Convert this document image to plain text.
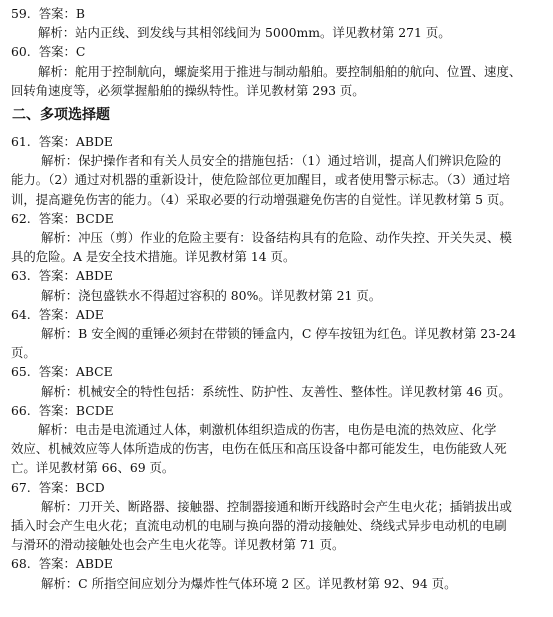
59. 答案：B
解析：站内正线、到发线与其相邻线间为 5000mm。详见教材第 271 页。
60. 答案：C
解析：舵用于控制航向，螺旋桨用于推进与制动船舶。要控制船舶的航向、位置、速度、
回转角速度等，必须掌握船舶的操纵特性。详见教材第 293 页。
二、多项选择题
61. 答案：ABDE
解析：保护操作者和有关人员安全的措施包括：（1）通过培训，提高人们辨识危险的
能力。（2）通过对机器的重新设计，使危险部位更加醒目，或者使用警示标志。（3）通过培
训，提高避免伤害的能力。（4）采取必要的行动增强避免伤害的自觉性。详见教材第 5 页。
62. 答案：BCDE
解析：冲压（剪）作业的危险主要有：设备结构具有的危险、动作失控、开关失灵、模
具的危险。A 是安全技术措施。详见教材第 14 页。
63. 答案：ABDE
解析：浇包盛铁水不得超过容积的 80%。详见教材第 21 页。
64. 答案：ADE
解析：B 安全阀的重锤必须封在带锁的锤盒内，C 停车按钮为红色。详见教材第 23-24
页。
65. 答案：ABCE
解析：机械安全的特性包括：系统性、防护性、友善性、整体性。详见教材第 46 页。
66. 答案：BCDE
解析：电击是电流通过人体，刺激机体组织造成的伤害，电伤是电流的热效应、化学
效应、机械效应等人体所造成的伤害，电伤在低压和高压设备中都可能发生，电伤能致人死
亡。详见教材第 66、69 页。
67. 答案：BCD
解析：刀开关、断路器、接触器、控制器接通和断开线路时会产生电火花；插销拔出或
插入时会产生电火花；直流电动机的电刷与换向器的滑动接触处、绕线式异步电动机的电刷
与滑环的滑动接触处也会产生电火花等。详见教材第 71 页。
68. 答案：ABDE
解析：C 所指空间应划分为爆炸性气体环境 2 区。详见教材第 92、94 页。
